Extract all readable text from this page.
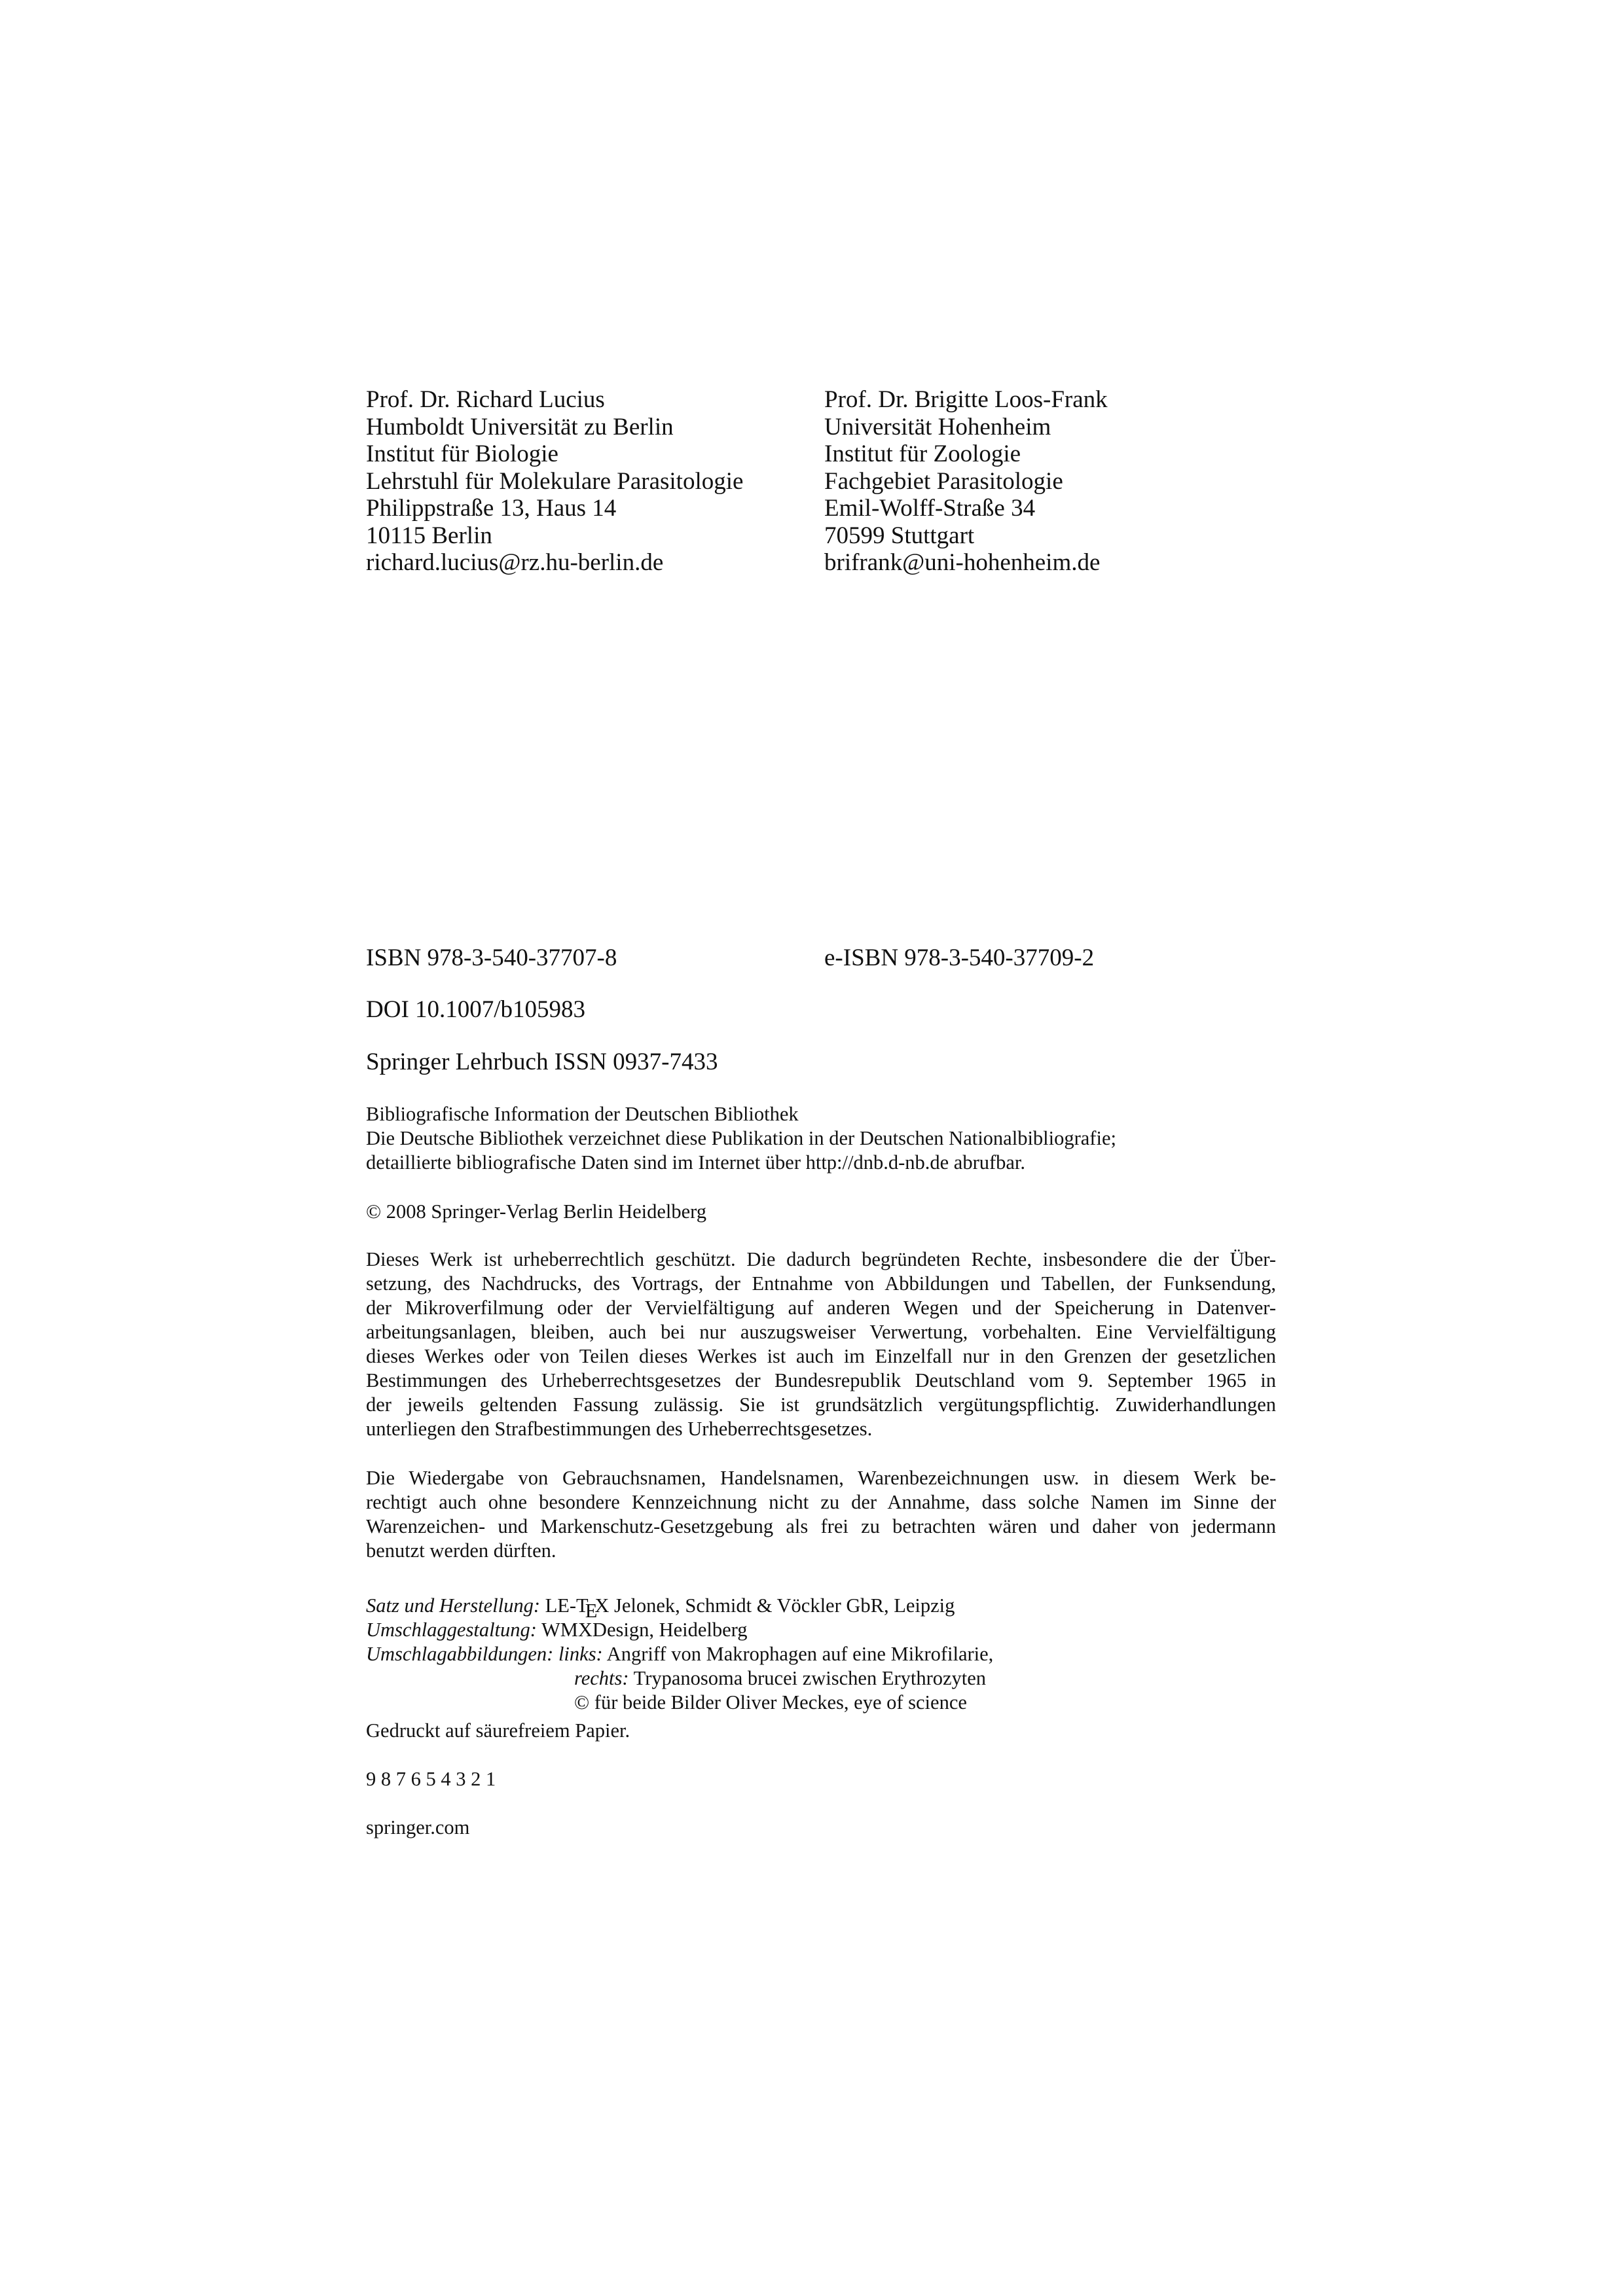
Prof. Dr. Richard Lucius
Humboldt Universität zu Berlin
Institut für Biologie
Lehrstuhl für Molekulare Parasitologie
Philippstraße 13, Haus 14
10115 Berlin
richard.lucius@rz.hu-berlin.de
Prof. Dr. Brigitte Loos-Frank
Universität Hohenheim
Institut für Zoologie
Fachgebiet Parasitologie
Emil-Wolff-Straße 34
70599 Stuttgart
brifrank@uni-hohenheim.de
ISBN 978-3-540-37707-8	e-ISBN 978-3-540-37709-2
DOI 10.1007/b105983
Springer Lehrbuch ISSN 0937-7433
Bibliografische Information der Deutschen Bibliothek
Die Deutsche Bibliothek verzeichnet diese Publikation in der Deutschen Nationalbibliografie;
detaillierte bibliografische Daten sind im Internet über http://dnb.d-nb.de abrufbar.
© 2008 Springer-Verlag Berlin Heidelberg
Dieses Werk ist urheberrechtlich geschützt. Die dadurch begründeten Rechte, insbesondere die der Über-
setzung, des Nachdrucks, des Vortrags, der Entnahme von Abbildungen und Tabellen, der Funksendung,
der Mikroverfilmung oder der Vervielfältigung auf anderen Wegen und der Speicherung in Datenver-
arbeitungsanlagen, bleiben, auch bei nur auszugsweiser Verwertung, vorbehalten. Eine Vervielfältigung
dieses Werkes oder von Teilen dieses Werkes ist auch im Einzelfall nur in den Grenzen der gesetzlichen
Bestimmungen des Urheberrechtsgesetzes der Bundesrepublik Deutschland vom 9. September 1965 in
der jeweils geltenden Fassung zulässig. Sie ist grundsätzlich vergütungspflichtig. Zuwiderhandlungen
unterliegen den Strafbestimmungen des Urheberrechtsgesetzes.
Die Wiedergabe von Gebrauchsnamen, Handelsnamen, Warenbezeichnungen usw. in diesem Werk be-
rechtigt auch ohne besondere Kennzeichnung nicht zu der Annahme, dass solche Namen im Sinne der
Warenzeichen- und Markenschutz-Gesetzgebung als frei zu betrachten wären und daher von jedermann
benutzt werden dürften.
Satz und Herstellung: LE-TEX Jelonek, Schmidt & Vöckler GbR, Leipzig
Umschlaggestaltung: WMXDesign, Heidelberg
Umschlagabbildungen: links: Angriff von Makrophagen auf eine Mikrofilarie,
rechts: Trypanosoma brucei zwischen Erythrozyten
© für beide Bilder Oliver Meckes, eye of science
Gedruckt auf säurefreiem Papier.
9 8 7 6 5 4 3 2 1
springer.com
